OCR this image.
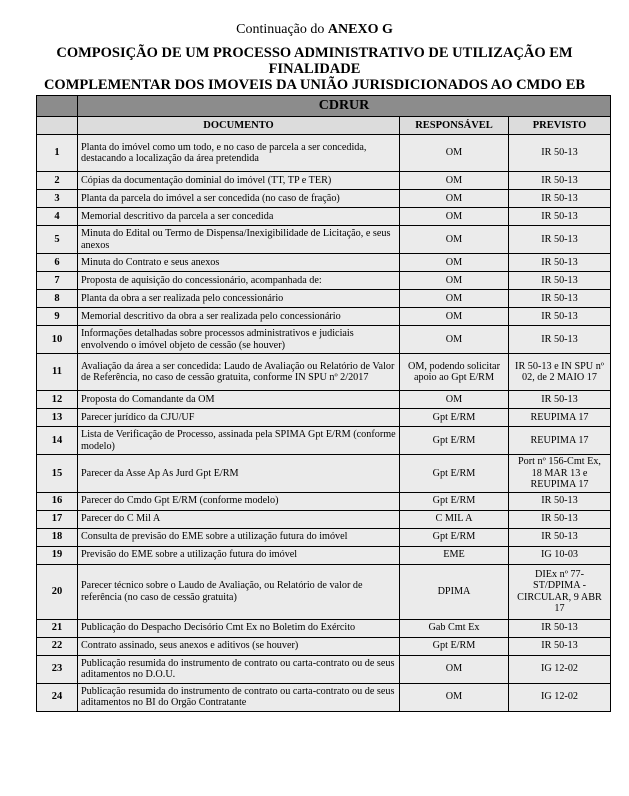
Continuação do ANEXO G
COMPOSIÇÃO DE UM PROCESSO ADMINISTRATIVO DE UTILIZAÇÃO EM FINALIDADE
COMPLEMENTAR DOS IMOVEIS DA UNIÃO JURISDICIONADOS AO CMDO EB
	CDRUR		
	DOCUMENTO	RESPONSÁVEL	PREVISTO
1	Planta do imóvel como um todo, e no caso de parcela a ser concedida, destacando a localização da área pretendida	OM	IR 50-13
2	Cópias da documentação dominial do imóvel (TT, TP e TER)	OM	IR 50-13
3	Planta da parcela do imóvel a ser concedida (no caso de fração)	OM	IR 50-13
4	Memorial descritivo da parcela a ser concedida	OM	IR 50-13
5	Minuta do Edital ou Termo de Dispensa/Inexigibilidade de Licitação, e seus anexos	OM	IR 50-13
6	Minuta do Contrato e seus anexos	OM	IR 50-13
7	Proposta de aquisição do concessionário, acompanhada de:	OM	IR 50-13
8	Planta da obra a ser realizada pelo concessionário	OM	IR 50-13
9	Memorial descritivo da obra a ser realizada pelo concessionário	OM	IR 50-13
10	Informações detalhadas sobre processos administrativos e judiciais envolvendo o imóvel objeto de cessão (se houver)	OM	IR 50-13
11	Avaliação da área a ser concedida: Laudo de Avaliação ou Relatório de Valor de Referência, no caso de cessão gratuita, conforme IN SPU nº 2/2017	OM, podendo solicitar apoio ao Gpt E/RM	IR 50-13 e IN SPU nº 02, de 2 MAIO 17
12	Proposta do Comandante da OM	OM	IR 50-13
13	Parecer jurídico da CJU/UF	Gpt E/RM	REUPIMA 17
14	Lista de Verificação de Processo, assinada pela SPIMA Gpt E/RM (conforme modelo)	Gpt E/RM	REUPIMA 17
15	Parecer da Asse Ap As Jurd Gpt E/RM	Gpt E/RM	Port nº 156-Cmt Ex, 18 MAR 13 e REUPIMA 17
16	Parecer do Cmdo Gpt E/RM (conforme modelo)	Gpt E/RM	IR 50-13
17	Parecer do C Mil A	C MIL A	IR 50-13
18	Consulta de previsão do EME sobre a utilização futura do imóvel	Gpt E/RM	IR 50-13
19	Previsão do EME sobre a utilização futura do imóvel	EME	IG 10-03
20	Parecer técnico sobre o Laudo de Avaliação, ou Relatório de valor de referência (no caso de cessão gratuita)	DPIMA	DIEx nº 77-ST/DPIMA - CIRCULAR, 9 ABR 17
21	Publicação do Despacho Decisório Cmt Ex no Boletim do Exército	Gab Cmt Ex	IR 50-13
22	Contrato assinado, seus anexos e aditivos (se houver)	Gpt E/RM	IR 50-13
23	Publicação resumida do instrumento de contrato ou carta-contrato ou de seus aditamentos no D.O.U.	OM	IG 12-02
24	Publicação resumida do instrumento de contrato ou carta-contrato ou de seus aditamentos no BI do Orgão Contratante	OM	IG 12-02
